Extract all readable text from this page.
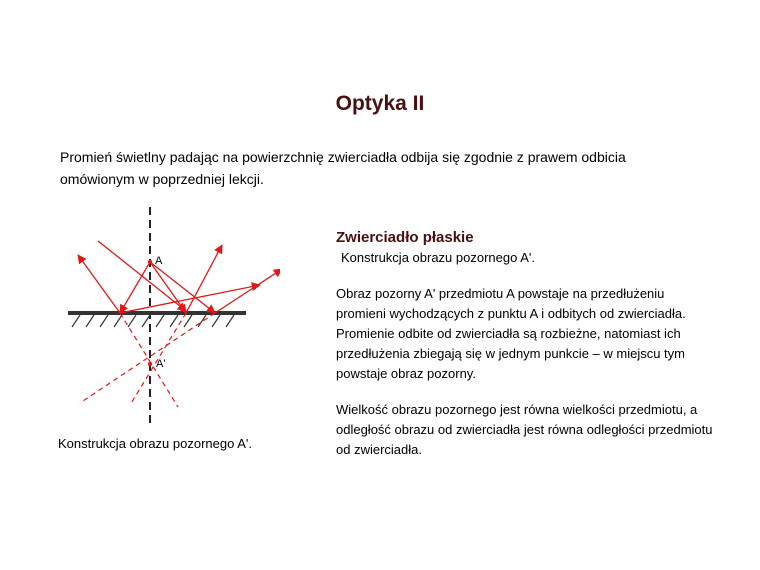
Optyka II
Promień świetlny padając na powierzchnię zwierciadła odbija się zgodnie z prawem odbicia omówionym w poprzedniej lekcji.
A
A'
Konstrukcja obrazu pozornego A'.
Zwierciadło płaskie
Konstrukcja obrazu pozornego A'.
Obraz pozorny A' przedmiotu A powstaje na przedłużeniu promieni wychodzących z punktu A i odbitych od zwierciadła. Promienie odbite od zwierciadła są rozbieżne, natomiast ich przedłużenia zbiegają się w jednym punkcie – w miejscu tym powstaje obraz pozorny.
Wielkość obrazu pozornego jest równa wielkości przedmiotu, a odległość obrazu od zwierciadła jest równa odległości przedmiotu od zwierciadła.
